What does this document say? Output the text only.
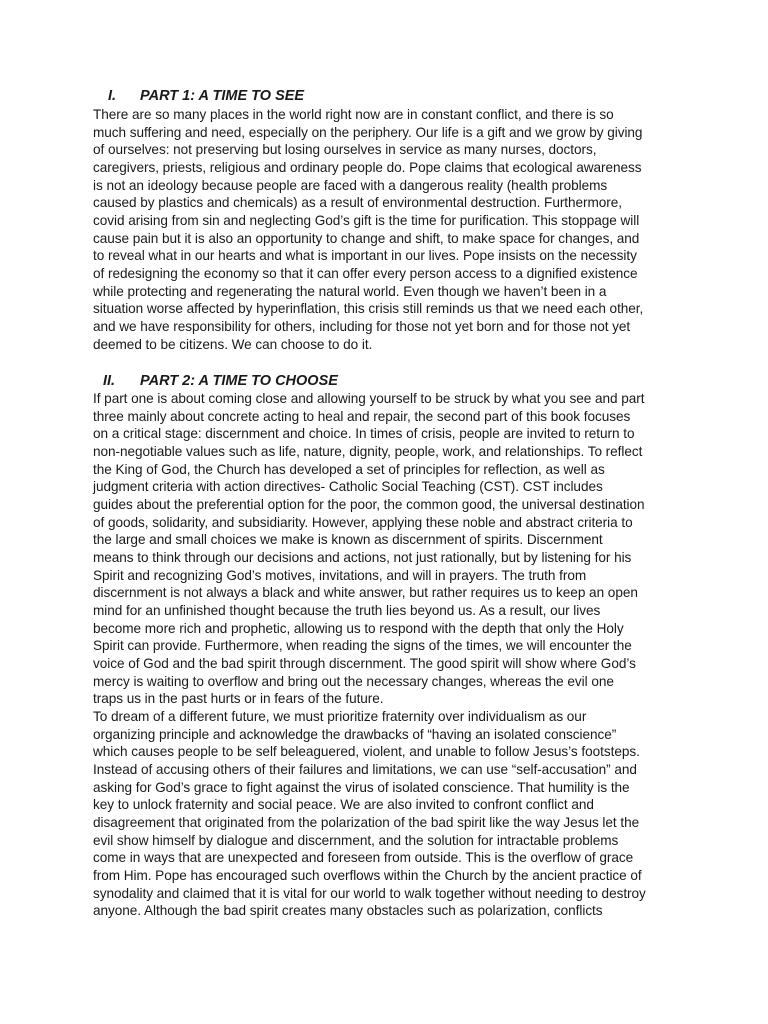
I. PART 1: A TIME TO SEE
There are so many places in the world right now are in constant conflict, and there is so
much suffering and need, especially on the periphery. Our life is a gift and we grow by giving
of ourselves: not preserving but losing ourselves in service as many nurses, doctors,
caregivers, priests, religious and ordinary people do. Pope claims that ecological awareness
is not an ideology because people are faced with a dangerous reality (health problems
caused by plastics and chemicals) as a result of environmental destruction. Furthermore,
covid arising from sin and neglecting God’s gift is the time for purification. This stoppage will
cause pain but it is also an opportunity to change and shift, to make space for changes, and
to reveal what in our hearts and what is important in our lives. Pope insists on the necessity
of redesigning the economy so that it can offer every person access to a dignified existence
while protecting and regenerating the natural world. Even though we haven’t been in a
situation worse affected by hyperinflation, this crisis still reminds us that we need each other,
and we have responsibility for others, including for those not yet born and for those not yet
deemed to be citizens. We can choose to do it.
II. PART 2: A TIME TO CHOOSE
If part one is about coming close and allowing yourself to be struck by what you see and part
three mainly about concrete acting to heal and repair, the second part of this book focuses
on a critical stage: discernment and choice. In times of crisis, people are invited to return to
non-negotiable values such as life, nature, dignity, people, work, and relationships. To reflect
the King of God, the Church has developed a set of principles for reflection, as well as
judgment criteria with action directives- Catholic Social Teaching (CST). CST includes
guides about the preferential option for the poor, the common good, the universal destination
of goods, solidarity, and subsidiarity. However, applying these noble and abstract criteria to
the large and small choices we make is known as discernment of spirits. Discernment
means to think through our decisions and actions, not just rationally, but by listening for his
Spirit and recognizing God’s motives, invitations, and will in prayers. The truth from
discernment is not always a black and white answer, but rather requires us to keep an open
mind for an unfinished thought because the truth lies beyond us. As a result, our lives
become more rich and prophetic, allowing us to respond with the depth that only the Holy
Spirit can provide. Furthermore, when reading the signs of the times, we will encounter the
voice of God and the bad spirit through discernment. The good spirit will show where God’s
mercy is waiting to overflow and bring out the necessary changes, whereas the evil one
traps us in the past hurts or in fears of the future.
To dream of a different future, we must prioritize fraternity over individualism as our
organizing principle and acknowledge the drawbacks of “having an isolated conscience”
which causes people to be self beleaguered, violent, and unable to follow Jesus’s footsteps.
Instead of accusing others of their failures and limitations, we can use “self-accusation” and
asking for God’s grace to fight against the virus of isolated conscience. That humility is the
key to unlock fraternity and social peace. We are also invited to confront conflict and
disagreement that originated from the polarization of the bad spirit like the way Jesus let the
evil show himself by dialogue and discernment, and the solution for intractable problems
come in ways that are unexpected and foreseen from outside. This is the overflow of grace
from Him. Pope has encouraged such overflows within the Church by the ancient practice of
synodality and claimed that it is vital for our world to walk together without needing to destroy
anyone. Although the bad spirit creates many obstacles such as polarization, conflicts
